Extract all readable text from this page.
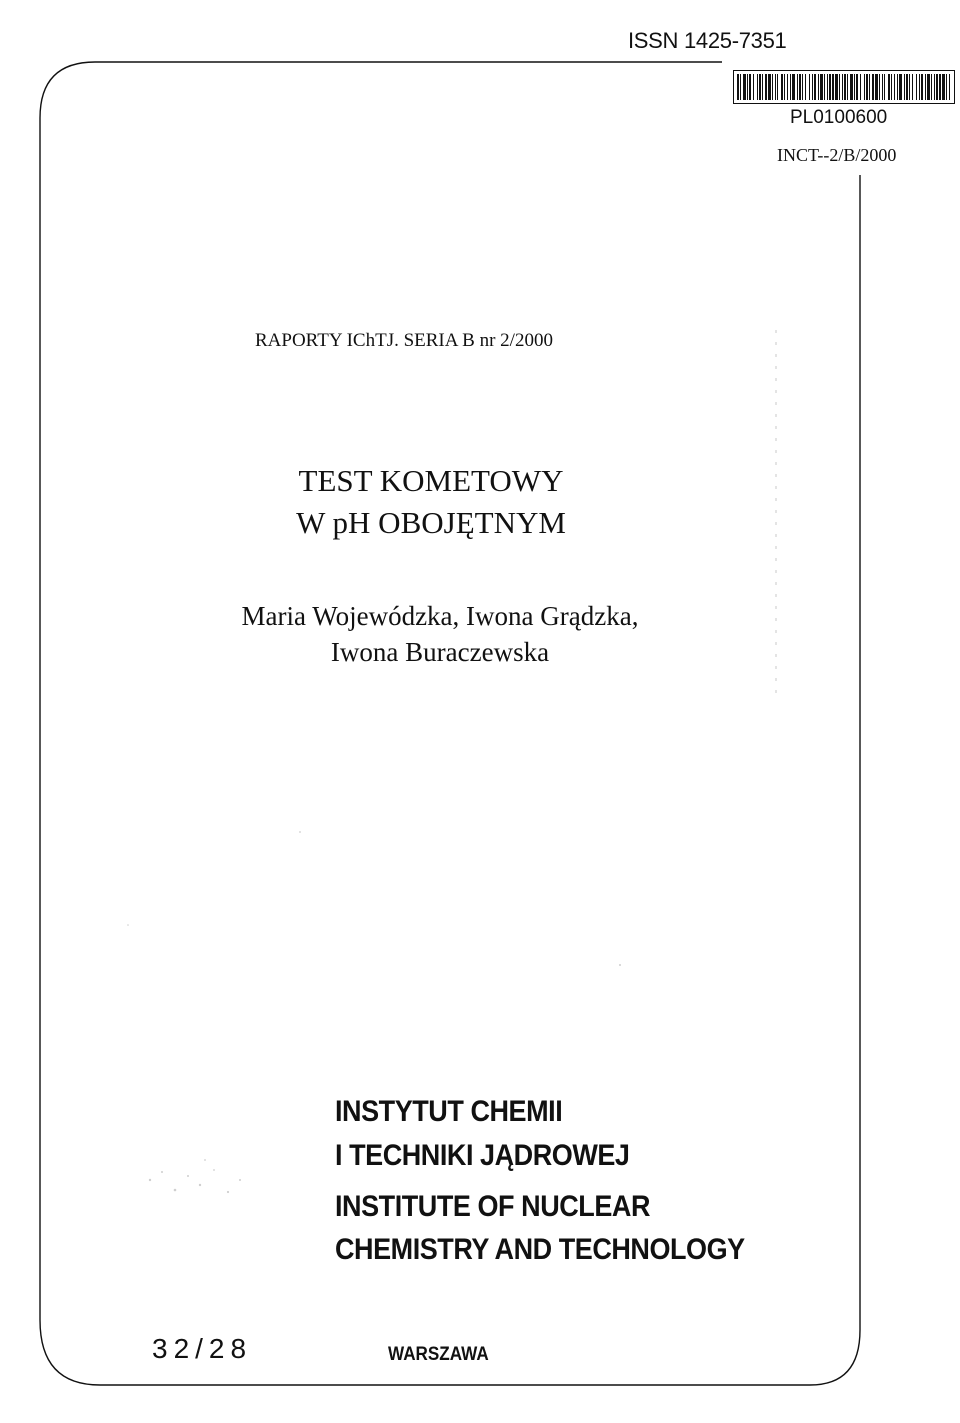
ISSN 1425-7351
PL0100600
INCT--2/B/2000
RAPORTY IChTJ. SERIA B nr 2/2000
TEST KOMETOWY
W pH OBOJĘTNYM
Maria Wojewódzka, Iwona Grądzka,
Iwona Buraczewska
INSTYTUT CHEMII
I TECHNIKI JĄDROWEJ
INSTITUTE OF NUCLEAR
CHEMISTRY AND TECHNOLOGY
32/28	WARSZAWA
